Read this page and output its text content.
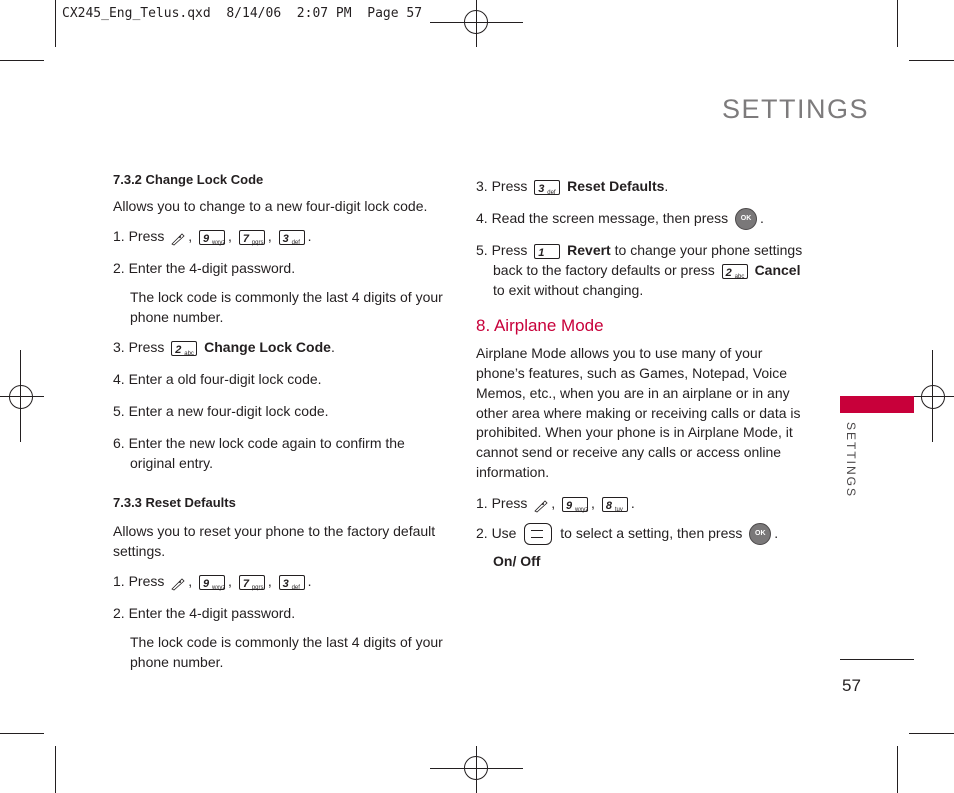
CX245_Eng_Telus.qxd  8/14/06  2:07 PM  Page 57
SETTINGS
SETTINGS
57
7.3.2 Change Lock Code
Allows you to change to a new four-digit lock code.
1. Press , 9 wxyz , 7 pqrs , 3 def .
2. Enter the 4-digit password.
The lock code is commonly the last 4 digits of your phone number.
3. Press 2 abc Change Lock Code.
4. Enter a old four-digit lock code.
5. Enter a new four-digit lock code.
6. Enter the new lock code again to confirm the original entry.
7.3.3 Reset Defaults
Allows you to reset your phone to the factory default settings.
1. Press , 9 wxyz , 7 pqrs , 3 def .
2. Enter the 4-digit password.
The lock code is commonly the last 4 digits of your phone number.
3. Press 3 def Reset Defaults.
4. Read the screen message, then press OK .
5. Press 1 Revert to change your phone settings back to the factory defaults or press 2 abc Cancel to exit without changing.
8. Airplane Mode
Airplane Mode allows you to use many of your phone’s features, such as Games, Notepad, Voice Memos, etc., when you are in an airplane or in any other area where making or receiving calls or data is prohibited. When your phone is in Airplane Mode, it cannot send or receive any calls or access online information.
1. Press , 9 wxyz , 8 tuv .
2. Use	to select a setting, then press OK .
On/ Off
